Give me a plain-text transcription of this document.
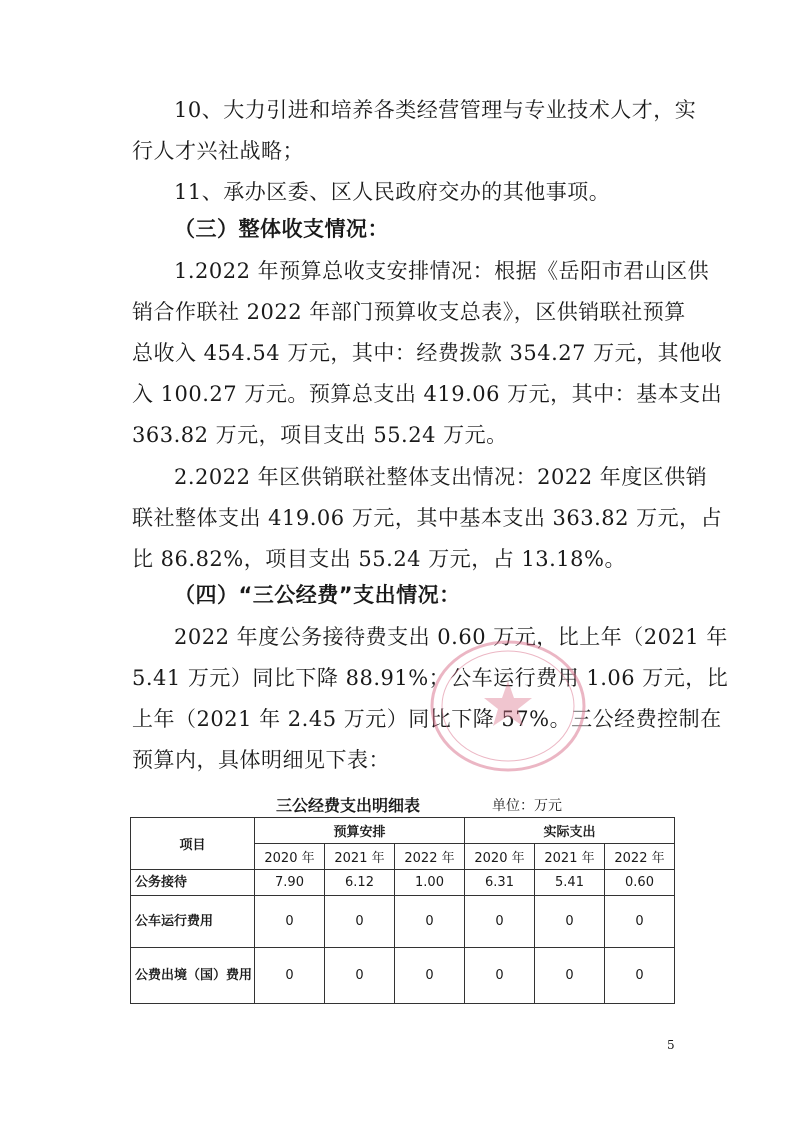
10、大力引进和培养各类经营管理与专业技术人才，实
行人才兴社战略；
11、承办区委、区人民政府交办的其他事项。
（三）整体收支情况：
1.2022 年预算总收支安排情况：根据《岳阳市君山区供
销合作联社 2022 年部门预算收支总表》，区供销联社预算
总收入 454.54 万元，其中：经费拨款 354.27 万元，其他收
入 100.27 万元。预算总支出 419.06 万元，其中：基本支出
363.82 万元，项目支出 55.24 万元。
2.2022 年区供销联社整体支出情况：2022 年度区供销
联社整体支出 419.06 万元，其中基本支出 363.82 万元，占
比 86.82%，项目支出 55.24 万元，占 13.18%。
（四）“三公经费”支出情况：
2022 年度公务接待费支出 0.60 万元，比上年（2021 年
5.41 万元）同比下降 88.91%；公车运行费用 1.06 万元，比
上年（2021 年 2.45 万元）同比下降 57%。三公经费控制在
预算内，具体明细见下表：
三公经费支出明细表	单位：万元
项目	预算安排			实际支出		
	2020 年	2021 年	2022 年	2020 年	2021 年	2022 年
公务接待	7.90	6.12	1.00	6.31	5.41	0.60
公车运行费用	0	0	0	0	0	0
公费出境（国）费用	0	0	0	0	0	0
5
